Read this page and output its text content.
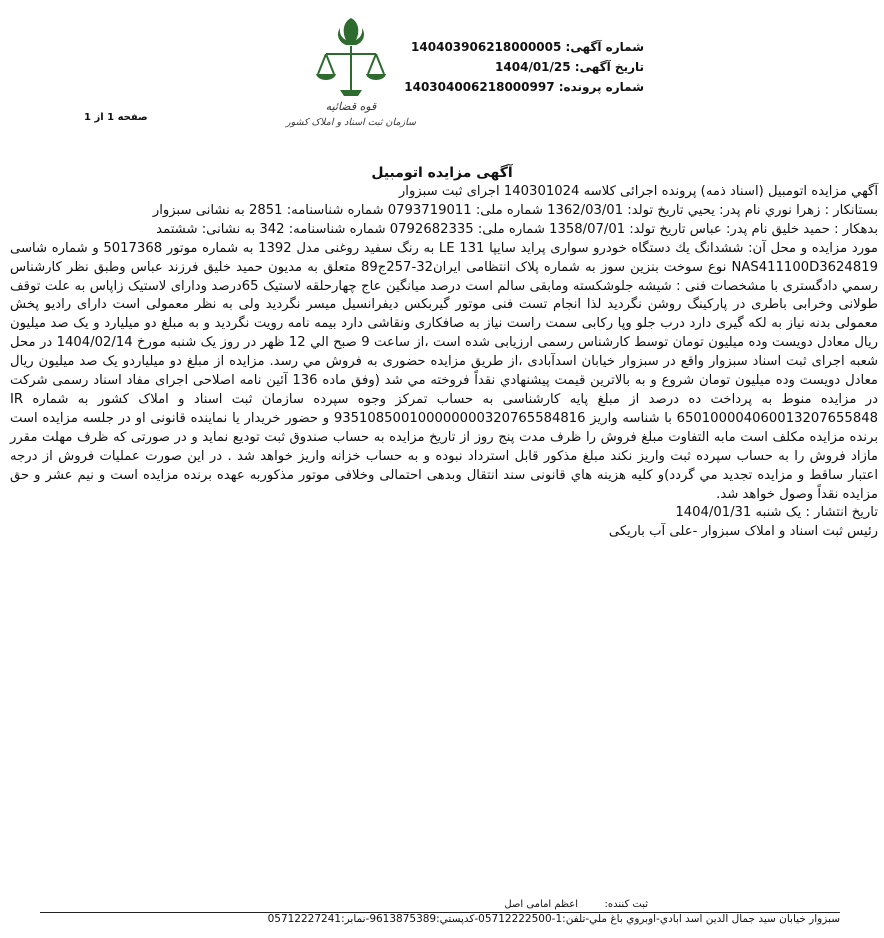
شماره آگهی: 140403906218000005
تاریخ آگهی: 1404/01/25
شماره پرونده: 140304006218000997
قوه قضائیه
سازمان ثبت اسناد و املاک کشور
صفحه 1 از 1
آگهی مزایده اتومبیل

آگهي مزايده اتومبيل (اسناد ذمه) پرونده اجرائی كلاسه 140301024 اجرای ثبت سبزوار

بستانكار : زهرا نوري نام پدر: يحيي تاريخ تولد: 1362/03/01 شماره ملی: 0793719011 شماره شناسنامه: 2851 به نشانی سبزوار

بدهكار : حميد خليق نام پدر: عباس تاريخ تولد: 1358/07/01 شماره ملی: 0792682335 شماره شناسنامه: 342 به نشانی: ششتمد

مورد مزايده و محل آن: ششدانگ يك دستگاه خودرو سواری پرايد سايپا 131 LE به رنگ سفيد روغنی مدل 1392 به شماره موتور 5017368 و شماره شاسی NAS411100D3624819 نوع سوخت بنزين سوز به شماره پلاک انتظامی ايران32-257ج89 متعلق به مديون حميد خليق فرزند عباس وطبق نظر كارشناس رسمي دادگستری با مشخصات فنی : شيشه جلوشكسته ومابقی سالم است درصد ميانگين عاج چهارحلقه لاستيک 65درصد ودارای لاستيک زاپاس به علت توقف طولانی وخرابی باطری در پاركينگ روشن نگرديد لذا انجام تست فنی موتور گيربكس ديفرانسيل ميسر نگرديد ولی به نظر معمولی است دارای راديو پخش معمولی بدنه نياز به لكه گيری دارد درب جلو وپا ركابی سمت راست نياز به صافكاری ونقاشی دارد بيمه نامه رويت نگرديد و به مبلغ دو ميليارد و يک صد ميليون ريال معادل دويست وده ميليون تومان توسط كارشناس رسمی ارزيابی شده است ،از ساعت 9 صبح الي 12 ظهر در روز يک شنبه مورخ 1404/02/14 در محل شعبه اجرای ثبت اسناد سبزوار واقع در سبزوار خيابان اسدآبادی ،از طريق مزايده حضوری به فروش مي رسد. مزايده از مبلغ دو ميلياردو يک صد ميليون ريال معادل دويست وده ميليون تومان شروع و به بالاترين قيمت پيشنهادي نقداً فروخته مي شد (وفق ماده 136 آئين نامه اصلاحی اجرای مفاد اسناد رسمی شركت در مزايده منوط به پرداخت ده درصد از مبلغ پايه كارشناسی به حساب تمركز وجوه سپرده سازمان ثبت اسناد و املاک كشور به شماره IR 650100004060013207655848 با شناسه واريز 935108500100000000320765584816 و حضور خريدار يا نماينده قانونی او در جلسه مزايده است برنده مزايده مكلف است مابه التفاوت مبلغ فروش را ظرف مدت پنج روز از تاريخ مزايده به حساب صندوق ثبت توديع نمايد و در صورتی كه ظرف مهلت مقرر مازاد فروش را به حساب سپرده ثبت واريز نكند مبلغ مذكور قابل استرداد نبوده و به حساب خزانه واريز خواهد شد . در اين صورت عمليات فروش از درجه اعتبار ساقط و مزايده تجديد مي گردد)و كليه هزينه هاي قانونی سند انتقال وبدهی احتمالی وخلافی موتور مذكوربه عهده برنده مزايده است و نيم عشر و حق مزايده نقداً وصول خواهد شد.

تاريخ انتشار : يک شنبه 1404/01/31

رئيس ثبت اسناد و املاک سبزوار -علی آب باريكی

ثبت کننده:
اعظم امامی اصل
سبزوار خيابان سيد جمال الدين اسد ابادي-اوبروي باغ ملي-تلفن:1-05712222500-كدپستي:9613875389-نمابر:05712227241
